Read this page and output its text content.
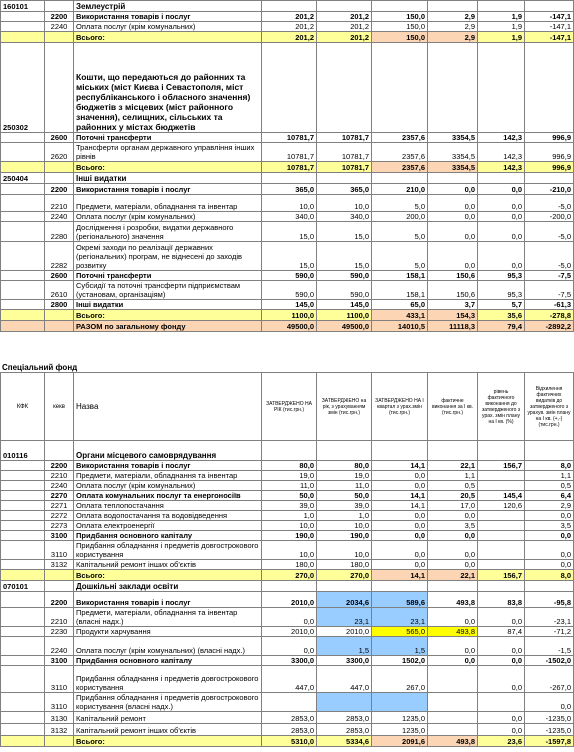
160101		Землеустрій						
	2200	Використання товарів і послуг	201,2	201,2	150,0	2,9	1,9	-147,1
	2240	Оплата послуг (крім комунальних)	201,2	201,2	150,0	2,9	1,9	-147,1
		Всього:	201,2	201,2	150,0	2,9	1,9	-147,1
250302		Кошти, що передаються до районних та міських (міст Києва і Севастополя, міст республіканського і обласного значення) бюджетів з місцевих (міст районного значення), селищних, сільських та районних у містах бюджетів						
	2600	Поточні трансферти	10781,7	10781,7	2357,6	3354,5	142,3	996,9
	2620	Трансферти органам державного управління інших рівнів	10781,7	10781,7	2357,6	3354,5	142,3	996,9
		Всього:	10781,7	10781,7	2357,6	3354,5	142,3	996,9
250404		Інші видатки						
	2200	Використання товарів і послуг	365,0	365,0	210,0	0,0	0,0	-210,0
	2210	Предмети, матеріали, обладнання та інвентар	10,0	10,0	5,0	0,0	0,0	-5,0
	2240	Оплата послуг (крім комунальних)	340,0	340,0	200,0	0,0	0,0	-200,0
	2280	Дослідження і розробки, видатки державного (регіонального) значення	15,0	15,0	5,0	0,0	0,0	-5,0
	2282	Окремі заходи по реалізації державних (регіональних) програм, не віднесені до заходів розвитку	15,0	15,0	5,0	0,0	0,0	-5,0
	2600	Поточні трансферти	590,0	590,0	158,1	150,6	95,3	-7,5
	2610	Субсидії та поточні трансферти підприємствам (установам, організаціям)	590,0	590,0	158,1	150,6	95,3	-7,5
	2800	Інші видатки	145,0	145,0	65,0	3,7	5,7	-61,3
		Всього:	1100,0	1100,0	433,1	154,3	35,6	-278,8
		РАЗОМ по загальному фонду	49500,0	49500,0	14010,5	11118,3	79,4	-2892,2
Спеціальний фонд
КФК	кекв	Назва	ЗАТВЕРДЖЕНО НА РІК (тис.грн.)	ЗАТВЕРДЖЕНО на рік, з урахуванням змін (тис.грн.)	ЗАТВЕРДЖЕНО НА І квартал з урах.змін (тис.грн.)	фактичне виконання за І кв. (тис.грн.)	рівень фактичного виконання до затвердженого з урах. змін плану на І кв. (%)	Відхилення фактичних видатків до затвердженого з урахув. змін плану на І кв. (+,-) (тис.грн.)
010116		Органи місцевого самоврядування						
	2200	Використання товарів і послуг	80,0	80,0	14,1	22,1	156,7	8,0
	2210	Предмети, матеріали, обладнання та інвентар	19,0	19,0	0,0	1,1		1,1
	2240	Оплата послуг (крім комунальних)	11,0	11,0	0,0	0,5		0,5
	2270	Оплата комунальних послуг та енергоносіїв	50,0	50,0	14,1	20,5	145,4	6,4
	2271	Оплата теплопостачання	39,0	39,0	14,1	17,0	120,6	2,9
	2272	Оплата водопостачання та водовідведення	1,0	1,0	0,0	0,0		0,0
	2273	Оплата електроенергії	10,0	10,0	0,0	3,5		3,5
	3100	Придбання основного капіталу	190,0	190,0	0,0	0,0		0,0
	3110	Придбання обладнання і предметів довгострокового користування	10,0	10,0	0,0	0,0		0,0
	3132	Капітальний ремонт інших об'єктів	180,0	180,0	0,0	0,0		0,0
		Всього:	270,0	270,0	14,1	22,1	156,7	8,0
070101		Дошкільні заклади освіти						
	2200	Використання товарів і послуг	2010,0	2034,6	589,6	493,8	83,8	-95,8
	2210	Предмети, матеріали, обладнання та інвентар (власні надх.)	0,0	23,1	23,1	0,0	0,0	-23,1
	2230	Продукти харчування	2010,0	2010,0	565,0	493,8	87,4	-71,2
	2240	Оплата послуг (крім комунальних) (власні надх.)	0,0	1,5	1,5	0,0	0,0	-1,5
	3100	Придбання основного капіталу	3300,0	3300,0	1502,0	0,0	0,0	-1502,0
	3110	Придбання обладнання і предметів довгострокового користування	447,0	447,0	267,0		0,0	-267,0
	3110	Придбання обладнання і предметів довгострокового користування (власні надх.)						0,0
	3130	Капітальний ремонт	2853,0	2853,0	1235,0		0,0	-1235,0
	3132	Капітальний ремонт інших об'єктів	2853,0	2853,0	1235,0		0,0	-1235,0
		Всього:	5310,0	5334,6	2091,6	493,8	23,6	-1597,8
